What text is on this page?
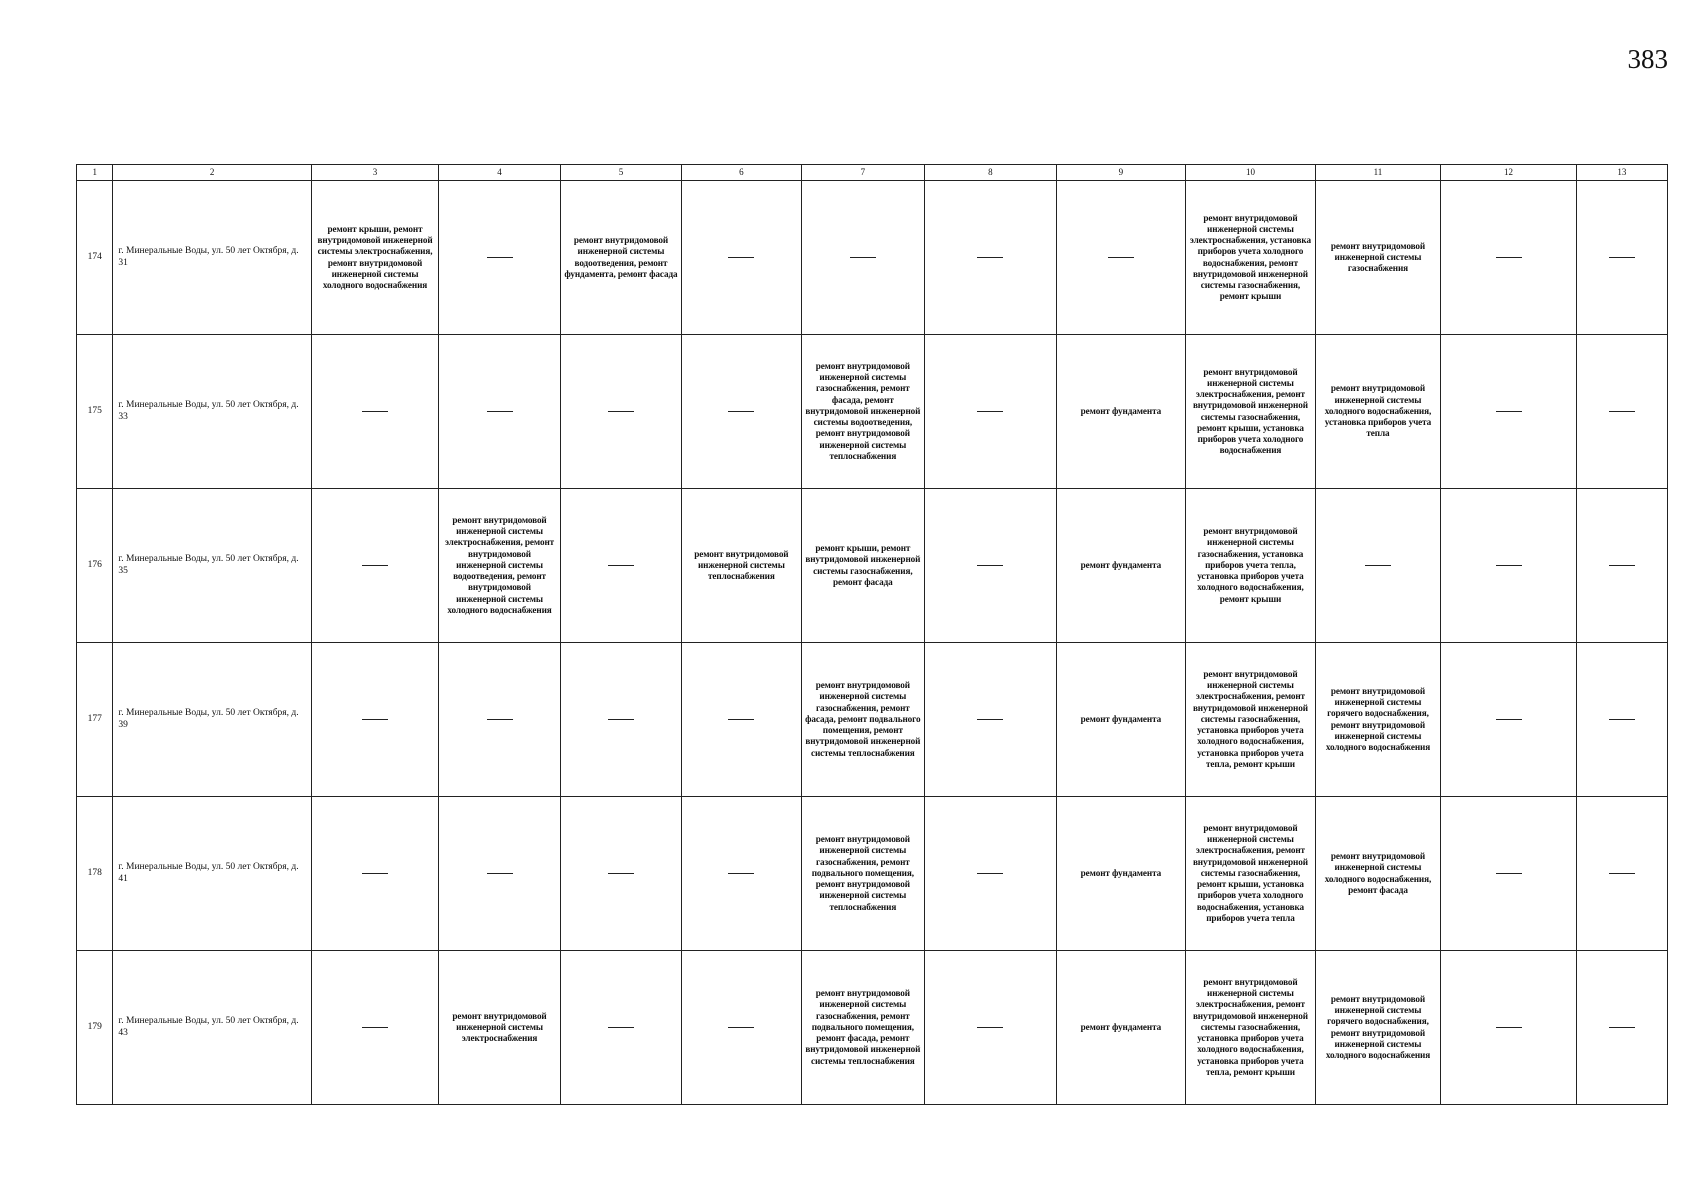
383
1	2	3	4	5	6	7	8	9	10	11	12	13
174	г. Минеральные Воды, ул. 50 лет Октября, д. 31	ремонт крыши, ремонт внутридомовой инженерной системы электроснабжения, ремонт внутридомовой инженерной системы холодного водоснабжения		ремонт внутридомовой инженерной системы водоотведения, ремонт фундамента, ремонт фасада					ремонт внутридомовой инженерной системы электроснабжения, установка приборов учета холодного водоснабжения, ремонт внутридомовой инженерной системы газоснабжения, ремонт крыши	ремонт внутридомовой инженерной системы газоснабжения		
175	г. Минеральные Воды, ул. 50 лет Октября, д. 33					ремонт внутридомовой инженерной системы газоснабжения, ремонт фасада, ремонт внутридомовой инженерной системы водоотведения, ремонт внутридомовой инженерной системы теплоснабжения		ремонт фундамента	ремонт внутридомовой инженерной системы электроснабжения, ремонт внутридомовой инженерной системы газоснабжения, ремонт крыши, установка приборов учета холодного водоснабжения	ремонт внутридомовой инженерной системы холодного водоснабжения, установка приборов учета тепла		
176	г. Минеральные Воды, ул. 50 лет Октября, д. 35		ремонт внутридомовой инженерной системы электроснабжения, ремонт внутридомовой инженерной системы водоотведения, ремонт внутридомовой инженерной системы холодного водоснабжения		ремонт внутридомовой инженерной системы теплоснабжения	ремонт крыши, ремонт внутридомовой инженерной системы газоснабжения, ремонт фасада		ремонт фундамента	ремонт внутридомовой инженерной системы газоснабжения, установка приборов учета тепла, установка приборов учета холодного водоснабжения, ремонт крыши			
177	г. Минеральные Воды, ул. 50 лет Октября, д. 39					ремонт внутридомовой инженерной системы газоснабжения, ремонт фасада, ремонт подвального помещения, ремонт внутридомовой инженерной системы теплоснабжения		ремонт фундамента	ремонт внутридомовой инженерной системы электроснабжения, ремонт внутридомовой инженерной системы газоснабжения, установка приборов учета холодного водоснабжения, установка приборов учета тепла, ремонт крыши	ремонт внутридомовой инженерной системы горячего водоснабжения, ремонт внутридомовой инженерной системы холодного водоснабжения		
178	г. Минеральные Воды, ул. 50 лет Октября, д. 41					ремонт внутридомовой инженерной системы газоснабжения, ремонт подвального помещения, ремонт внутридомовой инженерной системы теплоснабжения		ремонт фундамента	ремонт внутридомовой инженерной системы электроснабжения, ремонт внутридомовой инженерной системы газоснабжения, ремонт крыши, установка приборов учета холодного водоснабжения, установка приборов учета тепла	ремонт внутридомовой инженерной системы холодного водоснабжения, ремонт фасада		
179	г. Минеральные Воды, ул. 50 лет Октября, д. 43		ремонт внутридомовой инженерной системы электроснабжения			ремонт внутридомовой инженерной системы газоснабжения, ремонт подвального помещения, ремонт фасада, ремонт внутридомовой инженерной системы теплоснабжения		ремонт фундамента	ремонт внутридомовой инженерной системы электроснабжения, ремонт внутридомовой инженерной системы газоснабжения, установка приборов учета холодного водоснабжения, установка приборов учета тепла, ремонт крыши	ремонт внутридомовой инженерной системы горячего водоснабжения, ремонт внутридомовой инженерной системы холодного водоснабжения		
